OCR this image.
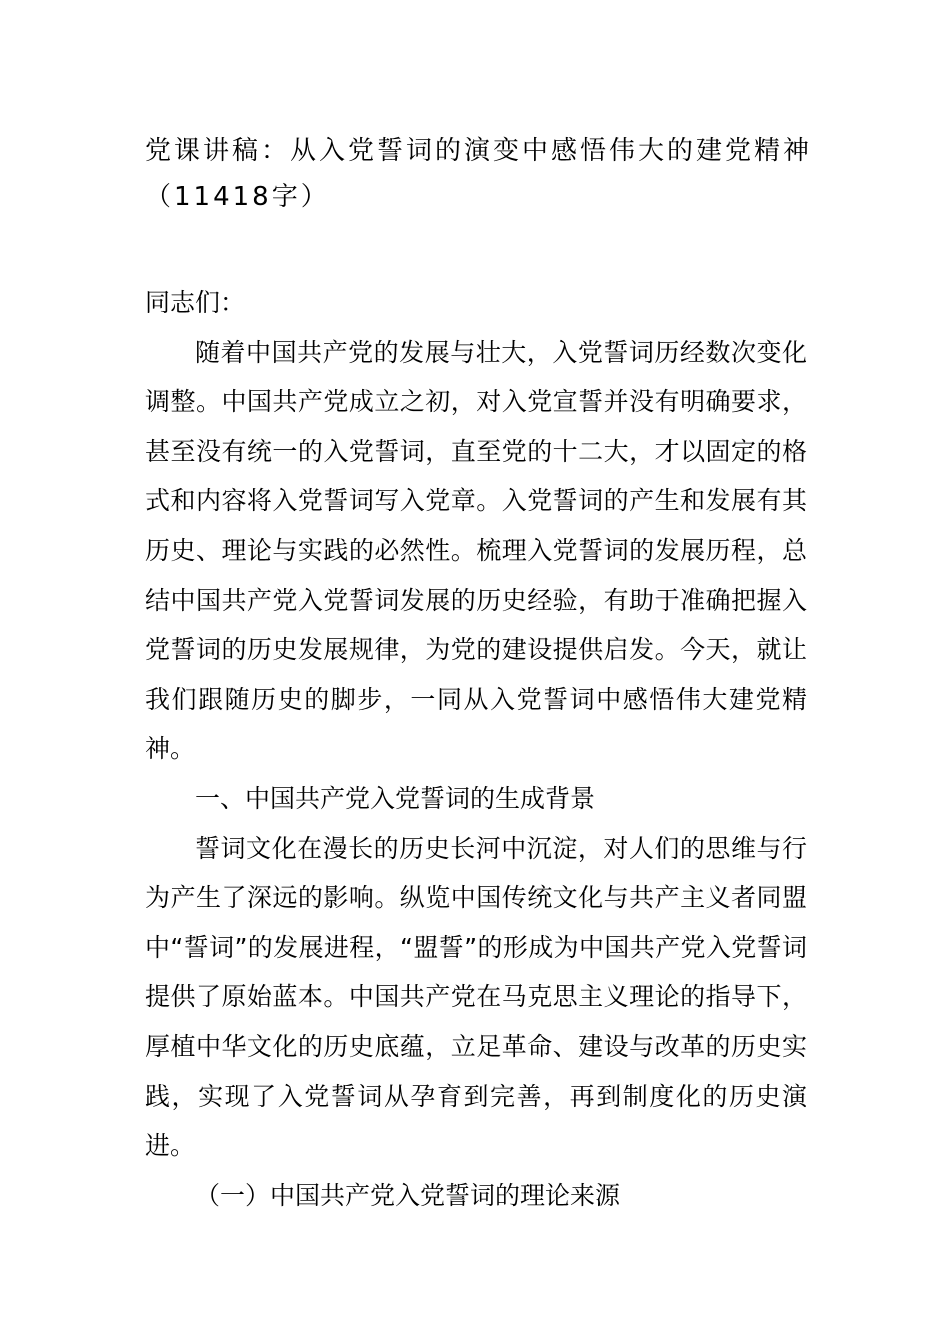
党课讲稿：从入党誓词的演变中感悟伟大的建党精神（11418字）

同志们：

随着中国共产党的发展与壮大，入党誓词历经数次变化调整。中国共产党成立之初，对入党宣誓并没有明确要求，甚至没有统一的入党誓词，直至党的十二大，才以固定的格式和内容将入党誓词写入党章。入党誓词的产生和发展有其历史、理论与实践的必然性。梳理入党誓词的发展历程，总结中国共产党入党誓词发展的历史经验，有助于准确把握入党誓词的历史发展规律，为党的建设提供启发。今天，就让我们跟随历史的脚步，一同从入党誓词中感悟伟大建党精神。

一、中国共产党入党誓词的生成背景

誓词文化在漫长的历史长河中沉淀，对人们的思维与行为产生了深远的影响。纵览中国传统文化与共产主义者同盟中“誓词”的发展进程，“盟誓”的形成为中国共产党入党誓词提供了原始蓝本。中国共产党在马克思主义理论的指导下，厚植中华文化的历史底蕴，立足革命、建设与改革的历史实践，实现了入党誓词从孕育到完善，再到制度化的历史演进。

（一）中国共产党入党誓词的理论来源
